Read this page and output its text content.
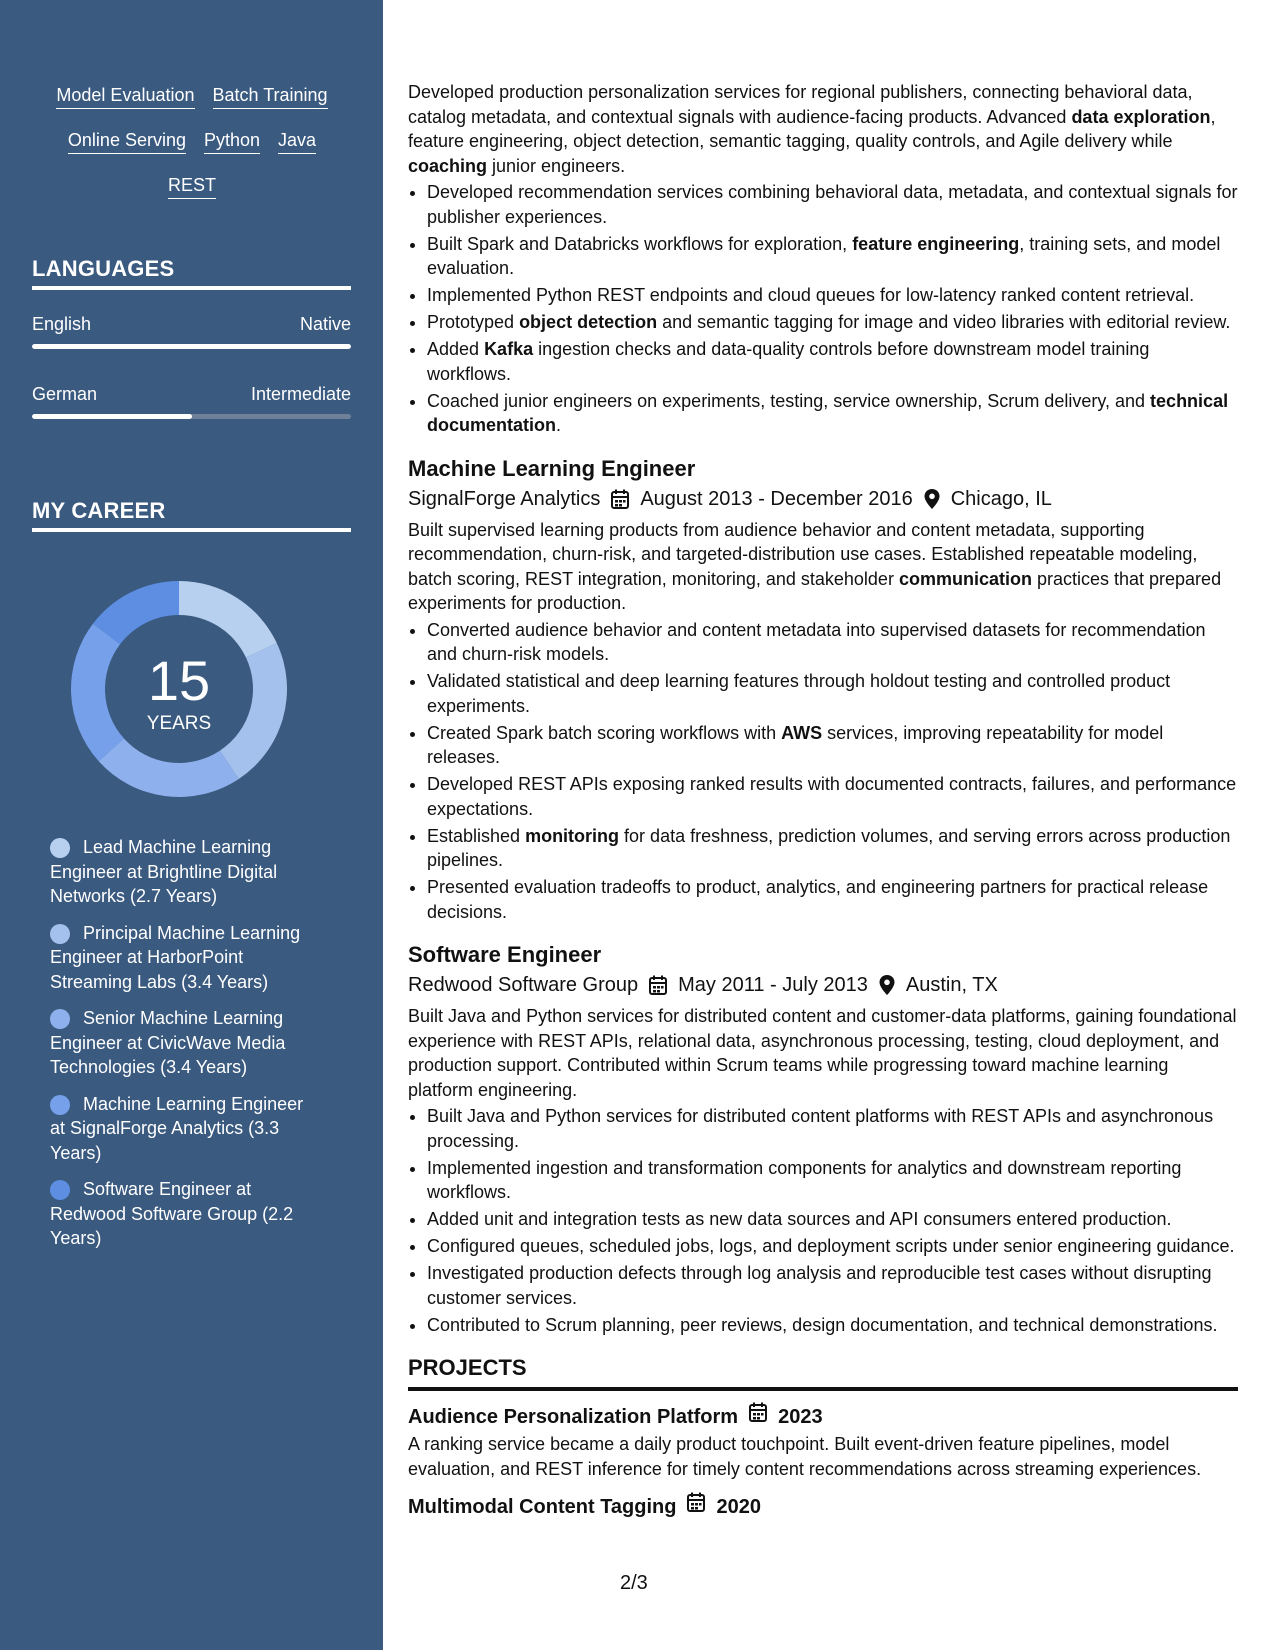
Model Evaluation Batch Training
Online Serving Python Java
REST
LANGUAGES
English	Native
German	Intermediate
MY CAREER
15
YEARS
Lead Machine Learning Engineer at Brightline Digital Networks (2.7 Years)
Principal Machine Learning Engineer at HarborPoint Streaming Labs (3.4 Years)
Senior Machine Learning Engineer at CivicWave Media Technologies (3.4 Years)
Machine Learning Engineer at SignalForge Analytics (3.3 Years)
Software Engineer at Redwood Software Group (2.2 Years)

Developed production personalization services for regional publishers, connecting behavioral data, catalog metadata, and contextual signals with audience-facing products. Advanced data exploration, feature engineering, object detection, semantic tagging, quality controls, and Agile delivery while coaching junior engineers.

• Developed recommendation services combining behavioral data, metadata, and contextual signals for publisher experiences.
• Built Spark and Databricks workflows for exploration, feature engineering, training sets, and model evaluation.
• Implemented Python REST endpoints and cloud queues for low-latency ranked content retrieval.
• Prototyped object detection and semantic tagging for image and video libraries with editorial review.
• Added Kafka ingestion checks and data-quality controls before downstream model training workflows.
• Coached junior engineers on experiments, testing, service ownership, Scrum delivery, and technical documentation.
Machine Learning Engineer
SignalForge Analytics August 2013 - December 2016 Chicago, IL

Built supervised learning products from audience behavior and content metadata, supporting recommendation, churn-risk, and targeted-distribution use cases. Established repeatable modeling, batch scoring, REST integration, monitoring, and stakeholder communication practices that prepared experiments for production.

• Converted audience behavior and content metadata into supervised datasets for recommendation and churn-risk models.
• Validated statistical and deep learning features through holdout testing and controlled product experiments.
• Created Spark batch scoring workflows with AWS services, improving repeatability for model releases.
• Developed REST APIs exposing ranked results with documented contracts, failures, and performance expectations.
• Established monitoring for data freshness, prediction volumes, and serving errors across production pipelines.
• Presented evaluation tradeoffs to product, analytics, and engineering partners for practical release decisions.
Software Engineer
Redwood Software Group May 2011 - July 2013 Austin, TX

Built Java and Python services for distributed content and customer-data platforms, gaining foundational experience with REST APIs, relational data, asynchronous processing, testing, cloud deployment, and production support. Contributed within Scrum teams while progressing toward machine learning platform engineering.

• Built Java and Python services for distributed content platforms with REST APIs and asynchronous processing.
• Implemented ingestion and transformation components for analytics and downstream reporting workflows.
• Added unit and integration tests as new data sources and API consumers entered production.
• Configured queues, scheduled jobs, logs, and deployment scripts under senior engineering guidance.
• Investigated production defects through log analysis and reproducible test cases without disrupting customer services.
• Contributed to Scrum planning, peer reviews, design documentation, and technical demonstrations.
PROJECTS
Audience Personalization Platform 2023

A ranking service became a daily product touchpoint. Built event-driven feature pipelines, model evaluation, and REST inference for timely content recommendations across streaming experiences.

Multimodal Content Tagging 2020
2/3
